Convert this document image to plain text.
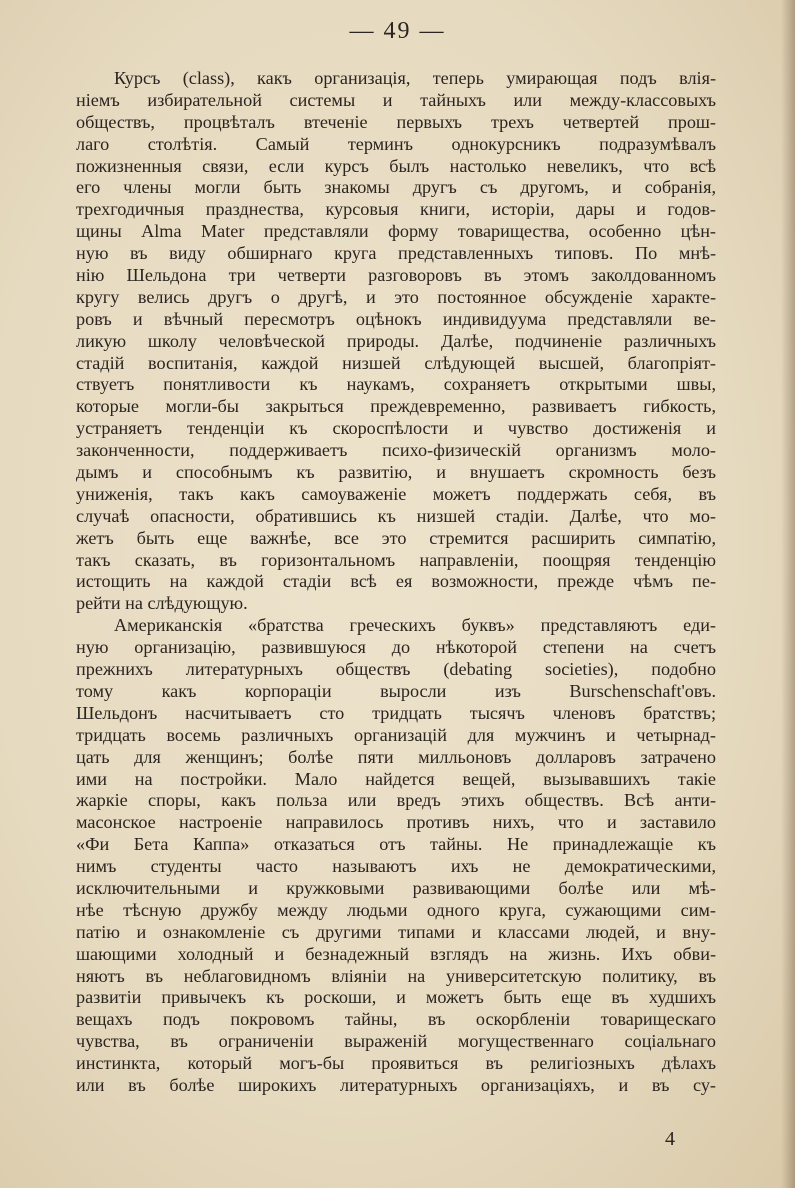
— 49 —
Курсъ (class), какъ организація, теперь умирающая подъ влія-
ніемъ избирательной системы и тайныхъ или между-классовыхъ
обществъ, процвѣталъ втеченіе первыхъ трехъ четвертей прош-
лаго столѣтія. Самый терминъ однокурсникъ подразумѣвалъ
пожизненныя связи, если курсъ былъ настолько невеликъ, что всѣ
его члены могли быть знакомы другъ съ другомъ, и собранія,
трехгодичныя празднества, курсовыя книги, исторіи, дары и годов-
щины Alma Mater представляли форму товарищества, особенно цѣн-
ную въ виду обширнаго круга представленныхъ типовъ. По мнѣ-
нію Шельдона три четверти разговоровъ въ этомъ заколдованномъ
кругу велись другъ о другѣ, и это постоянное обсужденіе характе-
ровъ и вѣчный пересмотръ оцѣнокъ индивидуума представляли ве-
ликую школу человѣческой природы. Далѣе, подчиненіе различныхъ
стадій воспитанія, каждой низшей слѣдующей высшей, благопріят-
ствуетъ понятливости къ наукамъ, сохраняетъ открытыми швы,
которые могли-бы закрыться преждевременно, развиваетъ гибкость,
устраняетъ тенденціи къ скороспѣлости и чувство достиженія и
законченности, поддерживаетъ психо-физическій организмъ моло-
дымъ и способнымъ къ развитію, и внушаетъ скромность безъ
униженія, такъ какъ самоуваженіе можетъ поддержать себя, въ
случаѣ опасности, обратившись къ низшей стадіи. Далѣе, что мо-
жетъ быть еще важнѣе, все это стремится расширить симпатію,
такъ сказать, въ горизонтальномъ направленіи, поощряя тенденцію
истощить на каждой стадіи всѣ ея возможности, прежде чѣмъ пе-
рейти на слѣдующую.
Американскія «братства греческихъ буквъ» представляютъ еди-
ную организацію, развившуюся до нѣкоторой степени на счетъ
прежнихъ литературныхъ обществъ (debating societies), подобно
тому какъ корпораціи выросли изъ Burschenschaft'овъ.
Шельдонъ насчитываетъ сто тридцать тысячъ членовъ братствъ;
тридцать восемь различныхъ организацій для мужчинъ и четырнад-
цать для женщинъ; болѣе пяти милльоновъ долларовъ затрачено
ими на постройки. Мало найдется вещей, вызывавшихъ такіе
жаркіе споры, какъ польза или вредъ этихъ обществъ. Всѣ анти-
масонское настроеніе направилось противъ нихъ, что и заставило
«Фи Бета Каппа» отказаться отъ тайны. Не принадлежащіе къ
нимъ студенты часто называютъ ихъ не демократическими,
исключительными и кружковыми развивающими болѣе или мѣ-
нѣе тѣсную дружбу между людьми одного круга, сужающими сим-
патію и ознакомленіе съ другими типами и классами людей, и вну-
шающими холодный и безнадежный взглядъ на жизнь. Ихъ обви-
няютъ въ неблаговидномъ вліяніи на университетскую политику, въ
развитіи привычекъ къ роскоши, и можетъ быть еще въ худшихъ
вещахъ подъ покровомъ тайны, въ оскорбленіи товарищескаго
чувства, въ ограниченіи выраженій могущественнаго соціальнаго
инстинкта, который могъ-бы проявиться въ религіозныхъ дѣлахъ
или въ болѣе широкихъ литературныхъ организаціяхъ, и въ су-
4
